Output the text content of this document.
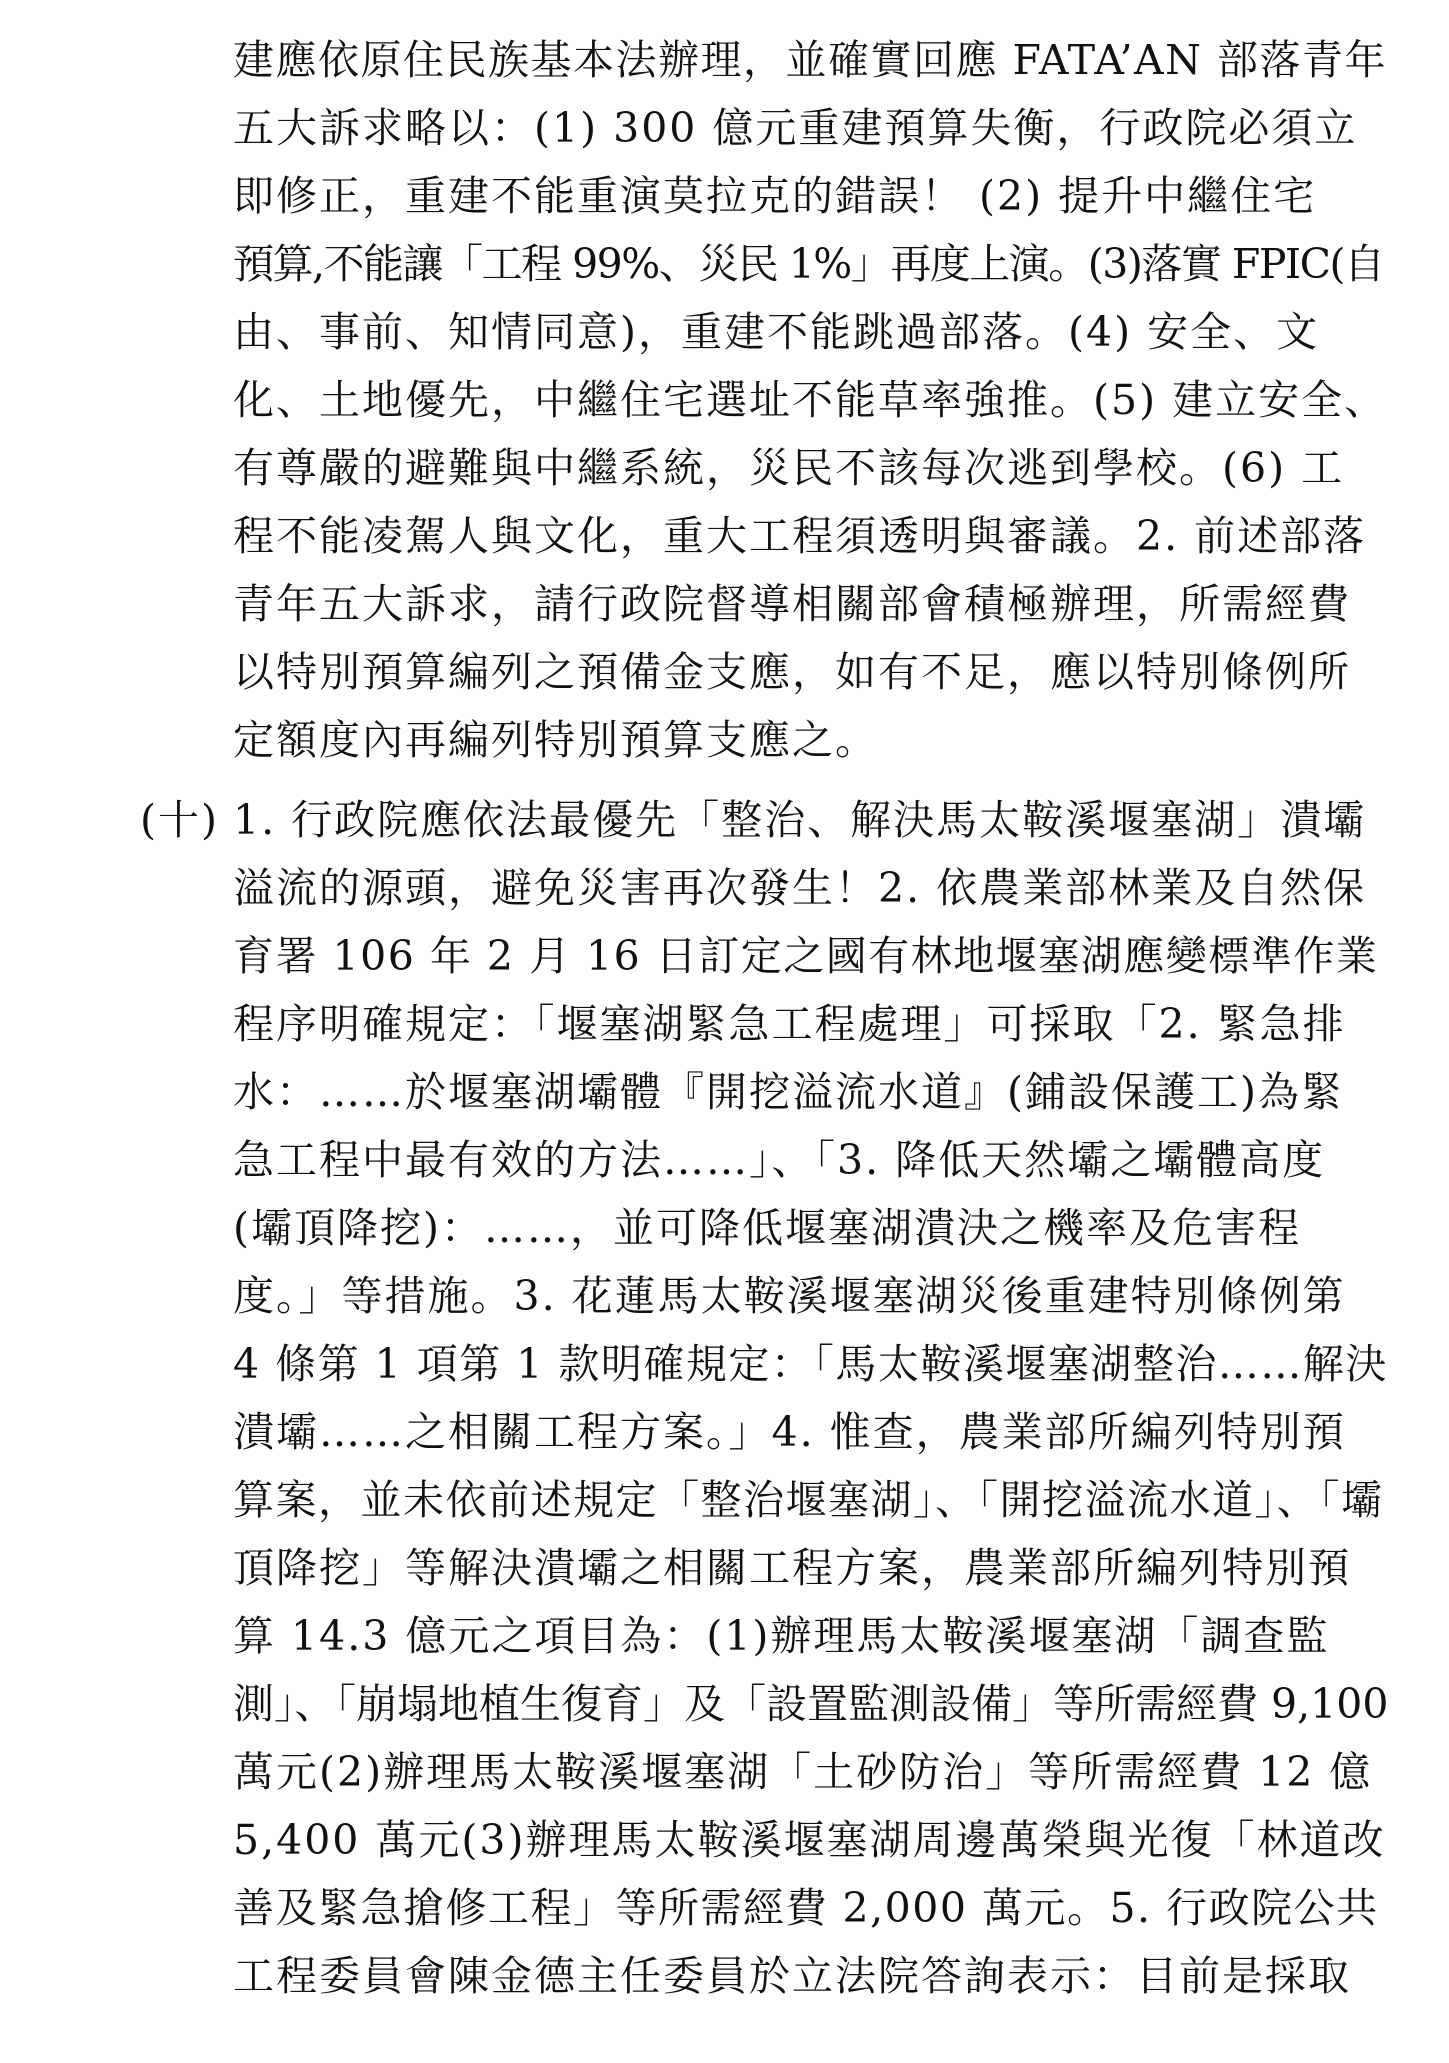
建應依原住民族基本法辦理，並確實回應 FATA’AN 部落青年
五大訴求略以：(1) 300 億元重建預算失衡，行政院必須立
即修正，重建不能重演莫拉克的錯誤！ (2) 提升中繼住宅
預算,不能讓「工程 99%、災民 1%」再度上演。(3)落實 FPIC(自
由、事前、知情同意)，重建不能跳過部落。(4) 安全、文
化、土地優先，中繼住宅選址不能草率強推。(5) 建立安全、
有尊嚴的避難與中繼系統，災民不該每次逃到學校。(6) 工
程不能凌駕人與文化，重大工程須透明與審議。2. 前述部落
青年五大訴求，請行政院督導相關部會積極辦理，所需經費
以特別預算編列之預備金支應，如有不足，應以特別條例所
定額度內再編列特別預算支應之。
(十) 1. 行政院應依法最優先「整治、解決馬太鞍溪堰塞湖」潰壩
溢流的源頭，避免災害再次發生！2. 依農業部林業及自然保
育署 106 年 2 月 16 日訂定之國有林地堰塞湖應變標準作業
程序明確規定：「堰塞湖緊急工程處理」可採取「2. 緊急排
水：……於堰塞湖壩體『開挖溢流水道』(鋪設保護工)為緊
急工程中最有效的方法……」、「3. 降低天然壩之壩體高度
(壩頂降挖)：……，並可降低堰塞湖潰決之機率及危害程
度。」等措施。3. 花蓮馬太鞍溪堰塞湖災後重建特別條例第
4 條第 1 項第 1 款明確規定：「馬太鞍溪堰塞湖整治……解決
潰壩……之相關工程方案。」4. 惟查，農業部所編列特別預
算案，並未依前述規定「整治堰塞湖」、「開挖溢流水道」、「壩
頂降挖」等解決潰壩之相關工程方案，農業部所編列特別預
算 14.3 億元之項目為：(1)辦理馬太鞍溪堰塞湖「調查監
測」、「崩塌地植生復育」及「設置監測設備」等所需經費 9,100
萬元(2)辦理馬太鞍溪堰塞湖「土砂防治」等所需經費 12 億
5,400 萬元(3)辦理馬太鞍溪堰塞湖周邊萬榮與光復「林道改
善及緊急搶修工程」等所需經費 2,000 萬元。5. 行政院公共
工程委員會陳金德主任委員於立法院答詢表示：目前是採取
